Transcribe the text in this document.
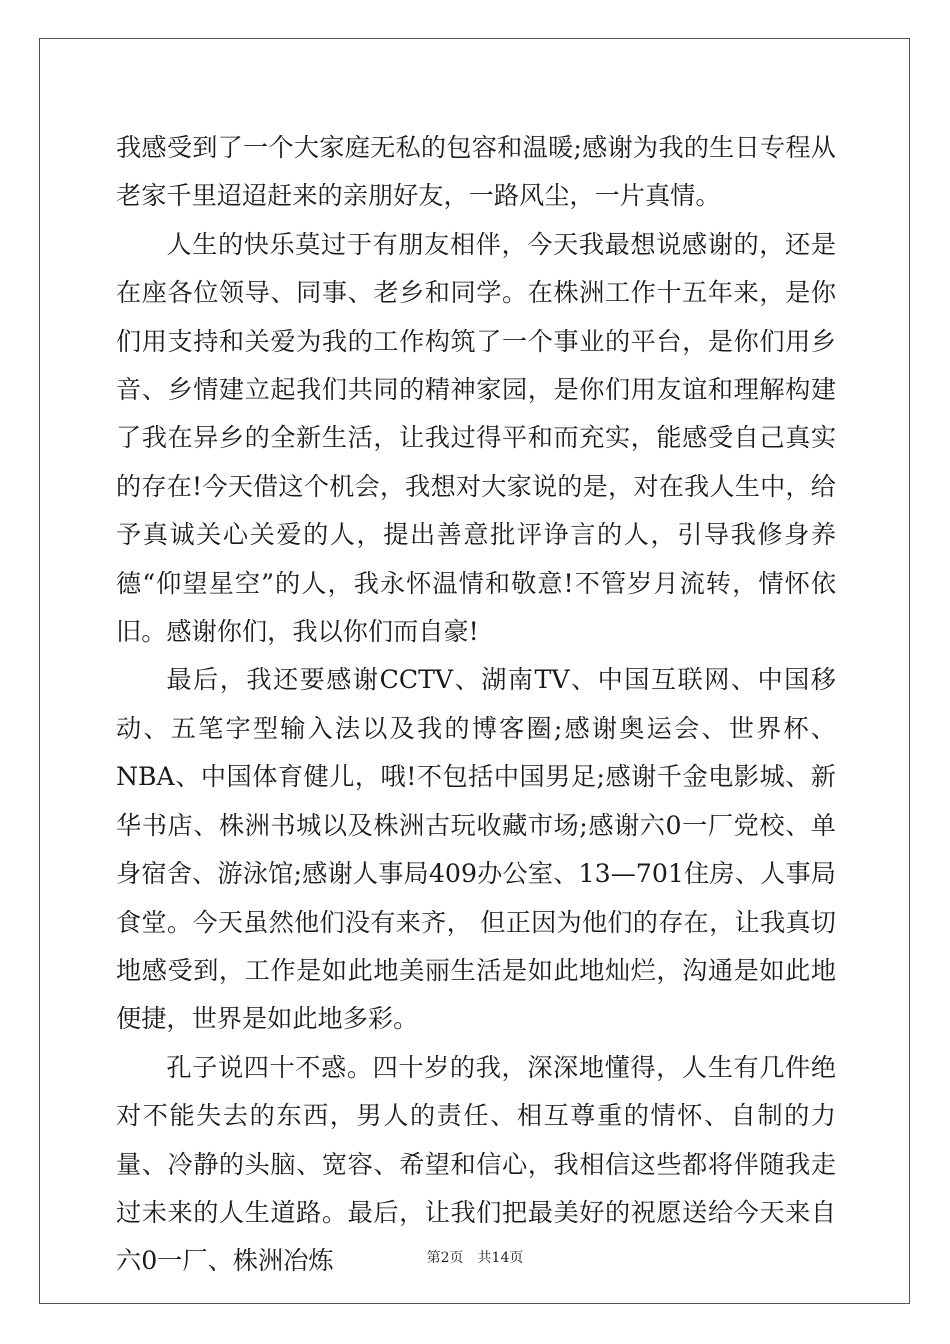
我感受到了一个大家庭无私的包容和温暖;感谢为我的生日专程从老家千里迢迢赶来的亲朋好友，一路风尘，一片真情。

人生的快乐莫过于有朋友相伴，今天我最想说感谢的，还是在座各位领导、同事、老乡和同学。在株洲工作十五年来，是你们用支持和关爱为我的工作构筑了一个事业的平台，是你们用乡音、乡情建立起我们共同的精神家园，是你们用友谊和理解构建了我在异乡的全新生活，让我过得平和而充实，能感受自己真实的存在!今天借这个机会，我想对大家说的是，对在我人生中，给予真诚关心关爱的人，提出善意批评诤言的人，引导我修身养德“仰望星空”的人，我永怀温情和敬意!不管岁月流转，情怀依旧。感谢你们，我以你们而自豪!

最后，我还要感谢CCTV、湖南TV、中国互联网、中国移动、五笔字型输入法以及我的博客圈;感谢奥运会、世界杯、NBA、中国体育健儿，哦!不包括中国男足;感谢千金电影城、新华书店、株洲书城以及株洲古玩收藏市场;感谢六0一厂党校、单身宿舍、游泳馆;感谢人事局409办公室、13—701住房、人事局食堂。今天虽然他们没有来齐， 但正因为他们的存在，让我真切地感受到，工作是如此地美丽生活是如此地灿烂，沟通是如此地便捷，世界是如此地多彩。

孔子说四十不惑。四十岁的我，深深地懂得，人生有几件绝对不能失去的东西，男人的责任、相互尊重的情怀、自制的力量、冷静的头脑、宽容、希望和信心，我相信这些都将伴随我走过未来的人生道路。最后，让我们把最美好的祝愿送给今天来自六0一厂、株洲冶炼	第2页 共14页
